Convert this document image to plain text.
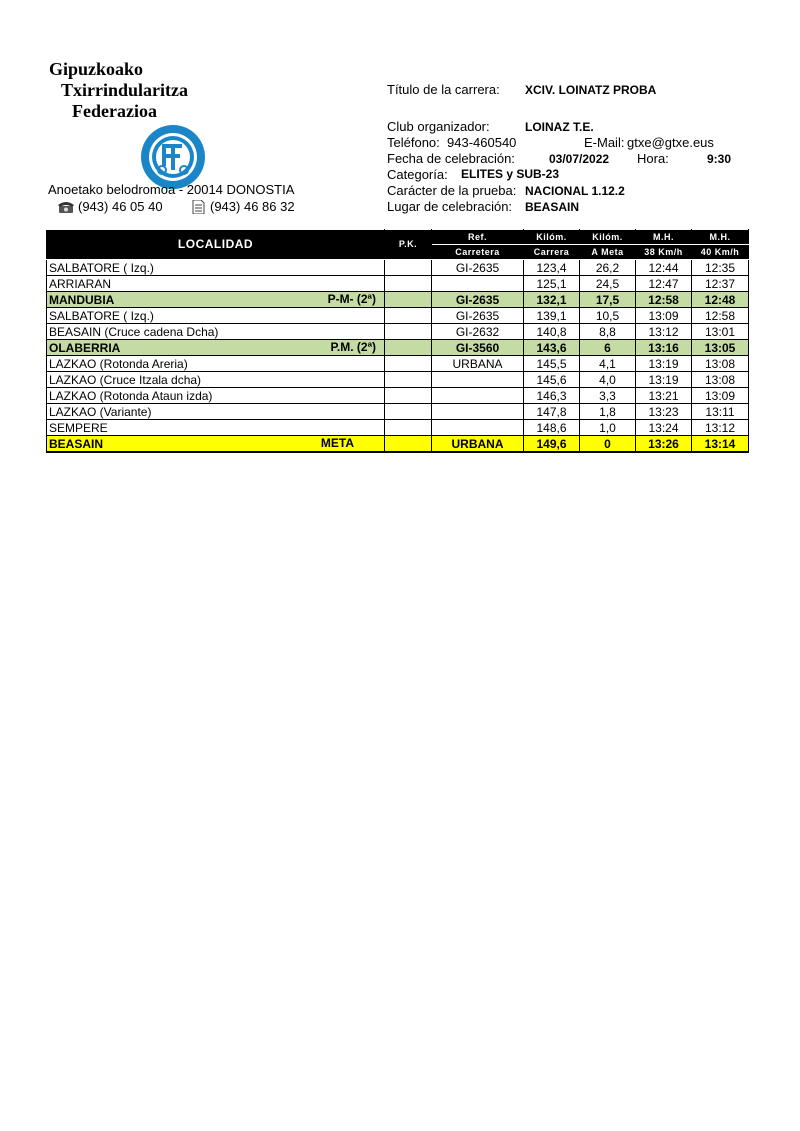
Gipuzkoako
Txirrindularitza
Federazioa
Anoetako belodromoa - 20014 DONOSTIA
(943) 46 05 40	(943) 46 86 32
Título de la carrera: XCIV. LOINATZ PROBA
Club organizador:	LOINAZ T.E.
Teléfono: 943-460540	E-Mail: gtxe@gtxe.eus
Fecha de celebración:	03/07/2022 Hora:	9:30
Categoría: ELITES y SUB-23
Carácter de la prueba: NACIONAL 1.12.2
Lugar de celebración: BEASAIN
LOCALIDAD	P.K.	Ref.	Kilóm.	Kilóm.	M.H.	M.H.
		Carretera	Carrera	A Meta	38 Km/h	40 Km/h
SALBATORE ( Izq.)		GI-2635	123,4	26,2	12:44	12:35
ARRIARAN			125,1	24,5	12:47	12:37
MANDUBIA P-M- (2ª)		GI-2635	132,1	17,5	12:58	12:48
SALBATORE ( Izq.)		GI-2635	139,1	10,5	13:09	12:58
BEASAIN (Cruce cadena Dcha)		GI-2632	140,8	8,8	13:12	13:01
OLABERRIA P.M. (2ª)		GI-3560	143,6	6	13:16	13:05
LAZKAO (Rotonda Areria)		URBANA	145,5	4,1	13:19	13:08
LAZKAO (Cruce Itzala dcha)			145,6	4,0	13:19	13:08
LAZKAO (Rotonda Ataun izda)			146,3	3,3	13:21	13:09
LAZKAO (Variante)			147,8	1,8	13:23	13:11
SEMPERE			148,6	1,0	13:24	13:12
BEASAIN META		URBANA	149,6	0	13:26	13:14
